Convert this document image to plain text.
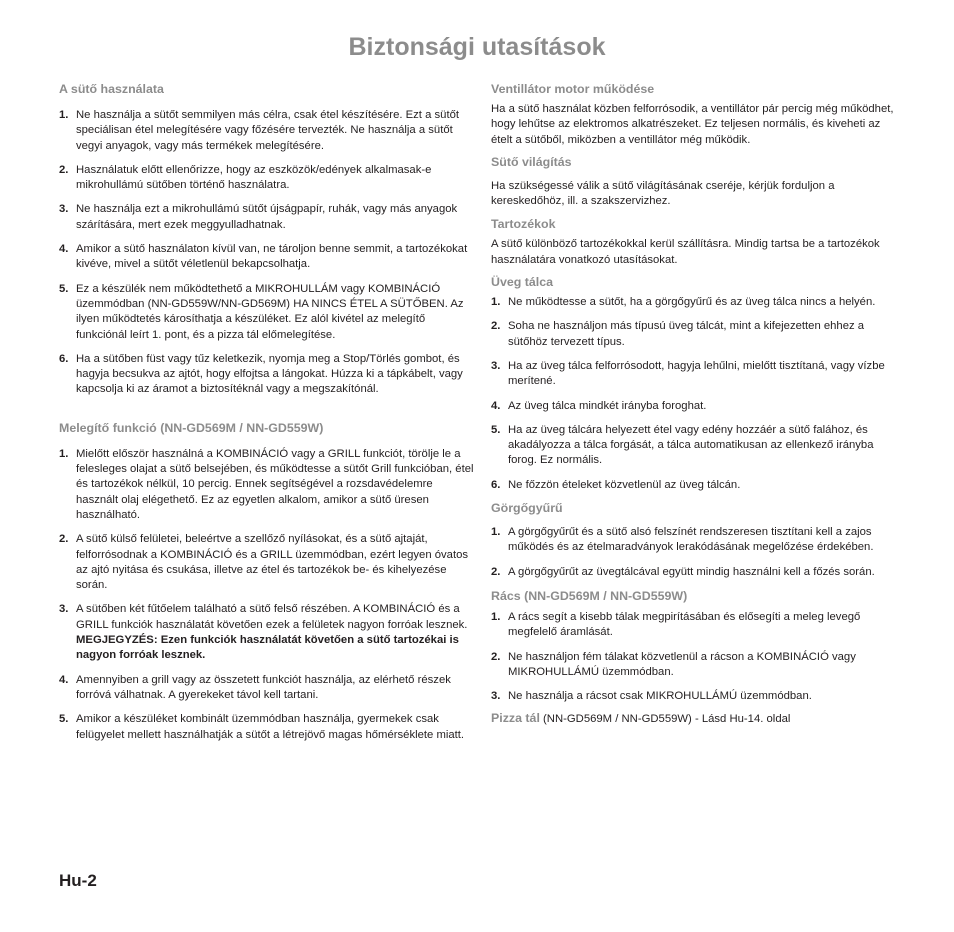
Biztonsági utasítások
A sütő használata
1. Ne használja a sütőt semmilyen más célra, csak étel készítésére. Ezt a sütőt speciálisan étel melegítésére vagy főzésére tervezték. Ne használja a sütőt vegyi anyagok, vagy más termékek melegítésére.
2. Használatuk előtt ellenőrizze, hogy az eszközök/edények alkalmasak-e mikrohullámú sütőben történő használatra.
3. Ne használja ezt a mikrohullámú sütőt újságpapír, ruhák, vagy más anyagok szárítására, mert ezek meggyulladhatnak.
4. Amikor a sütő használaton kívül van, ne tároljon benne semmit, a tartozékokat kivéve, mivel a sütőt véletlenül bekapcsolhatja.
5. Ez a készülék nem működtethető a MIKROHULLÁM vagy KOMBINÁCIÓ üzemmódban (NN-GD559W/NN-GD569M) HA NINCS ÉTEL A SÜTŐBEN. Az ilyen működtetés károsíthatja a készüléket. Ez alól kivétel az melegítő funkciónál leírt 1. pont, és a pizza tál előmelegítése.
6. Ha a sütőben füst vagy tűz keletkezik, nyomja meg a Stop/Törlés gombot, és hagyja becsukva az ajtót, hogy elfojtsa a lángokat. Húzza ki a tápkábelt, vagy kapcsolja ki az áramot a biztosítéknál vagy a megszakítónál.
Melegítő funkció (NN-GD569M / NN-GD559W)
1. Mielőtt először használná a KOMBINÁCIÓ vagy a GRILL funkciót, törölje le a felesleges olajat a sütő belsejében, és működtesse a sütőt Grill funkcióban, étel és tartozékok nélkül, 10 percig. Ennek segítségével a rozsdavédelemre használt olaj elégethető. Ez az egyetlen alkalom, amikor a sütő üresen használható.
2. A sütő külső felületei, beleértve a szellőző nyílásokat, és a sütő ajtaját, felforrósodnak a KOMBINÁCIÓ és a GRILL üzemmódban, ezért legyen óvatos az ajtó nyitása és csukása, illetve az étel és tartozékok be- és kihelyezése során.
3. A sütőben két fűtőelem található a sütő felső részében. A KOMBINÁCIÓ és a GRILL funkciók használatát követően ezek a felületek nagyon forróak lesznek.
MEGJEGYZÉS: Ezen funkciók használatát követően a sütő tartozékai is nagyon forróak lesznek.
4. Amennyiben a grill vagy az összetett funkciót használja, az elérhető részek forróvá válhatnak. A gyerekeket távol kell tartani.
5. Amikor a készüléket kombinált üzemmódban használja, gyermekek csak felügyelet mellett használhatják a sütőt a létrejövő magas hőmérséklete miatt.
Ventillátor motor működése

Ha a sütő használat közben felforrósodik, a ventillátor pár percig még működhet, hogy lehűtse az elektromos alkatrészeket. Ez teljesen normális, és kiveheti az ételt a sütőből, miközben a ventillátor még működik.

Sütő világítás

Ha szükségessé válik a sütő világításának cseréje, kérjük forduljon a kereskedőhöz, ill. a szakszervizhez.

Tartozékok

A sütő különböző tartozékokkal kerül szállításra. Mindig tartsa be a tartozékok használatára vonatkozó utasításokat.

Üveg tálca
1. Ne működtesse a sütőt, ha a görgőgyűrű és az üveg tálca nincs a helyén.
2. Soha ne használjon más típusú üveg tálcát, mint a kifejezetten ehhez a sütőhöz tervezett típus.
3. Ha az üveg tálca felforrósodott, hagyja lehűlni, mielőtt tisztítaná, vagy vízbe merítené.
4. Az üveg tálca mindkét irányba foroghat.
5. Ha az üveg tálcára helyezett étel vagy edény hozzáér a sütő falához, és akadályozza a tálca forgását, a tálca automatikusan az ellenkező irányba forog. Ez normális.
6. Ne főzzön ételeket közvetlenül az üveg tálcán.
Görgőgyűrű
1. A görgőgyűrűt és a sütő alsó felszínét rendszeresen tisztítani kell a zajos működés és az ételmaradványok lerakódásának megelőzése érdekében.
2. A görgőgyűrűt az üvegtálcával együtt mindig használni kell a főzés során.
Rács (NN-GD569M / NN-GD559W)
1. A rács segít a kisebb tálak megpirításában és elősegíti a meleg levegő megfelelő áramlását.
2. Ne használjon fém tálakat közvetlenül a rácson a KOMBINÁCIÓ vagy MIKROHULLÁMÚ üzemmódban.
3. Ne használja a rácsot csak MIKROHULLÁMÚ üzemmódban.

Pizza tál (NN-GD569M / NN-GD559W) - Lásd Hu-14. oldal

Hu-2
